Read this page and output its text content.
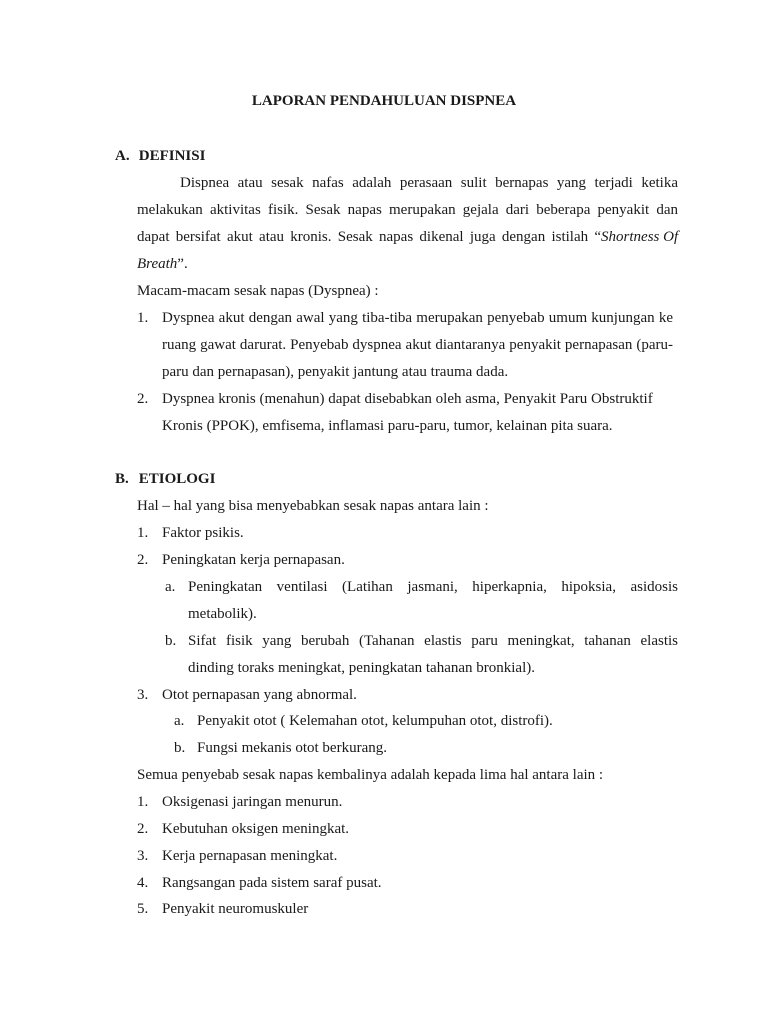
LAPORAN PENDAHULUAN DISPNEA
A. DEFINISI
Dispnea atau sesak nafas adalah perasaan sulit bernapas yang terjadi ketika
melakukan aktivitas fisik. Sesak napas merupakan gejala dari beberapa penyakit dan
dapat bersifat akut atau kronis. Sesak napas dikenal juga dengan istilah “ Shortness Of
Breath”.
Macam-macam sesak napas (Dyspnea) :
1. Dyspnea akut dengan awal yang tiba-tiba merupakan penyebab umum kunjungan ke
ruang gawat darurat. Penyebab dyspnea akut diantaranya penyakit pernapasan (paru-
paru dan pernapasan), penyakit jantung atau trauma dada.
2. Dyspnea kronis (menahun) dapat disebabkan oleh asma, Penyakit Paru Obstruktif
Kronis (PPOK), emfisema, inflamasi paru-paru, tumor, kelainan pita suara.
B. ETIOLOGI
Hal – hal yang bisa menyebabkan sesak napas antara lain :
1. Faktor psikis.
2. Peningkatan kerja pernapasan.
a. Peningkatan ventilasi (Latihan jasmani, hiperkapnia, hipoksia, asidosis
metabolik).
b. Sifat fisik yang berubah (Tahanan elastis paru meningkat, tahanan elastis
dinding toraks meningkat, peningkatan tahanan bronkial).
3. Otot pernapasan yang abnormal.
a. Penyakit otot ( Kelemahan otot, kelumpuhan otot, distrofi).
b. Fungsi mekanis otot berkurang.
Semua penyebab sesak napas kembalinya adalah kepada lima hal antara lain :
1. Oksigenasi jaringan menurun.
2. Kebutuhan oksigen meningkat.
3. Kerja pernapasan meningkat.
4. Rangsangan pada sistem saraf pusat.
5. Penyakit neuromuskuler
